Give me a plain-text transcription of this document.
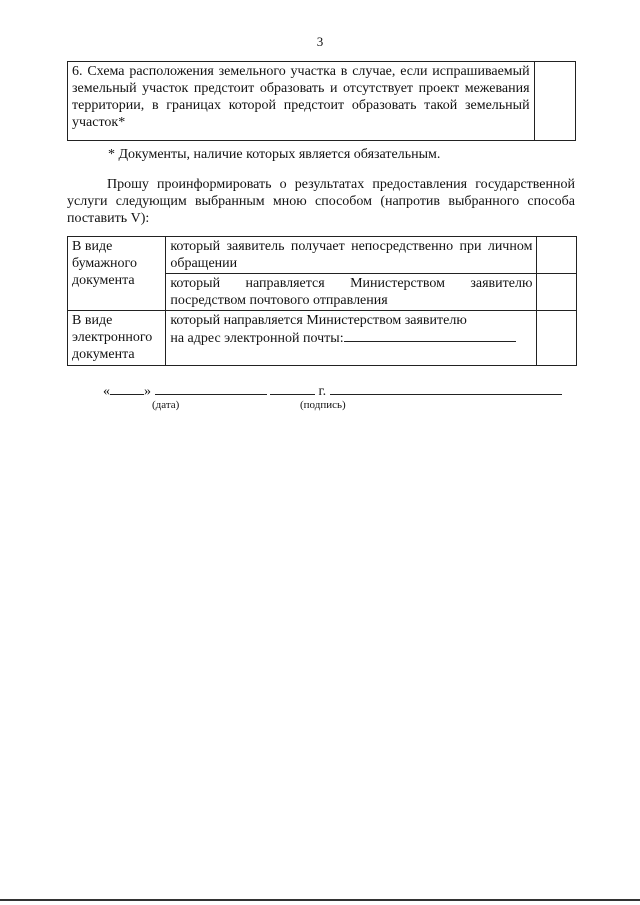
3
6. Схема расположения земельного участка в случае, если испрашиваемый земельный участок предстоит образовать и отсутствует проект межевания территории, в границах которой предстоит образовать такой земельный участок*	
* Документы, наличие которых является обязательным.
Прошу проинформировать о результатах предоставления государственной услуги следующим выбранным мною способом (напротив выбранного способа поставить V):
В виде бумажного документа	который заявитель получает непосредственно при личном обращении	
	который направляется Министерством заявителю посредством почтового отправления	
В виде электронного документа	который направляется Министерством заявителю
на адрес электронной почты:

« »	г.
(дата)	(подпись)
